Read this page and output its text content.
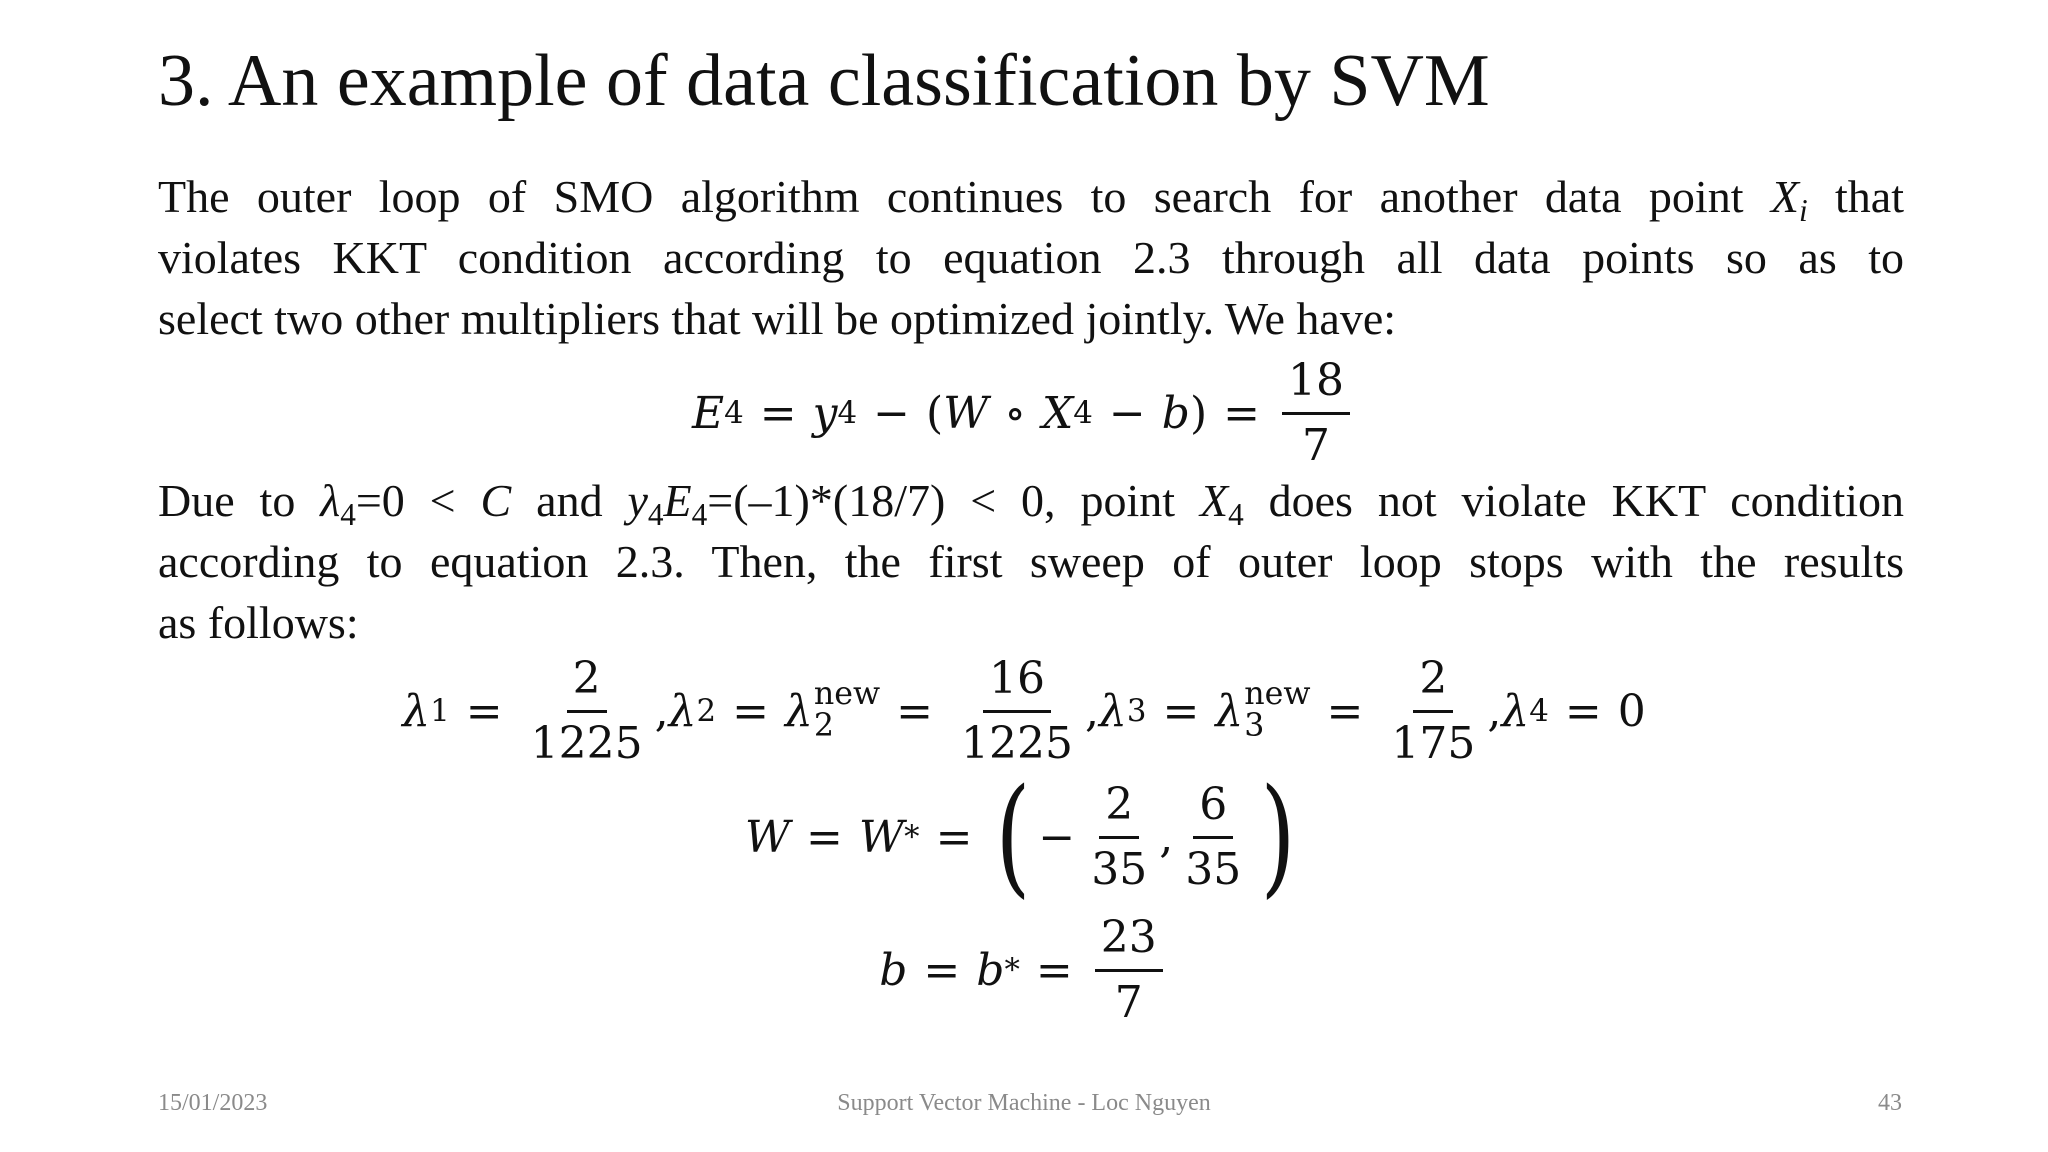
3. An example of data classification by SVM
The outer loop of SMO algorithm continues to search for another data point $X_i$ that
violates KKT condition according to equation 2.3 through all data points so as to
select two other multipliers that will be optimized jointly. We have:
E 4 = y 4 − ( W ∘ X 4 − b ) = $\frac{18}{7}$
Due to $\lambda_4=0 < C$ and $y_4E_4=(-1)*(18/7) < 0$, point $X_4$ does not violate KKT condition
according to equation 2.3. Then, the first sweep of outer loop stops with the results
as follows:
λ $1 = \frac{2}{1225}$ , λ 2 = λ new
$2 = \frac{16}{1225}$ , λ 3 = λ new
$3 = \frac{2}{175}$ , λ 4 = 0
W = W * = ( − $\frac{2}{35}$ , $\frac{6}{35}$ )
b = b * = $\frac{23}{7}$
15/01/2023	Support Vector Machine - Loc Nguyen	43
